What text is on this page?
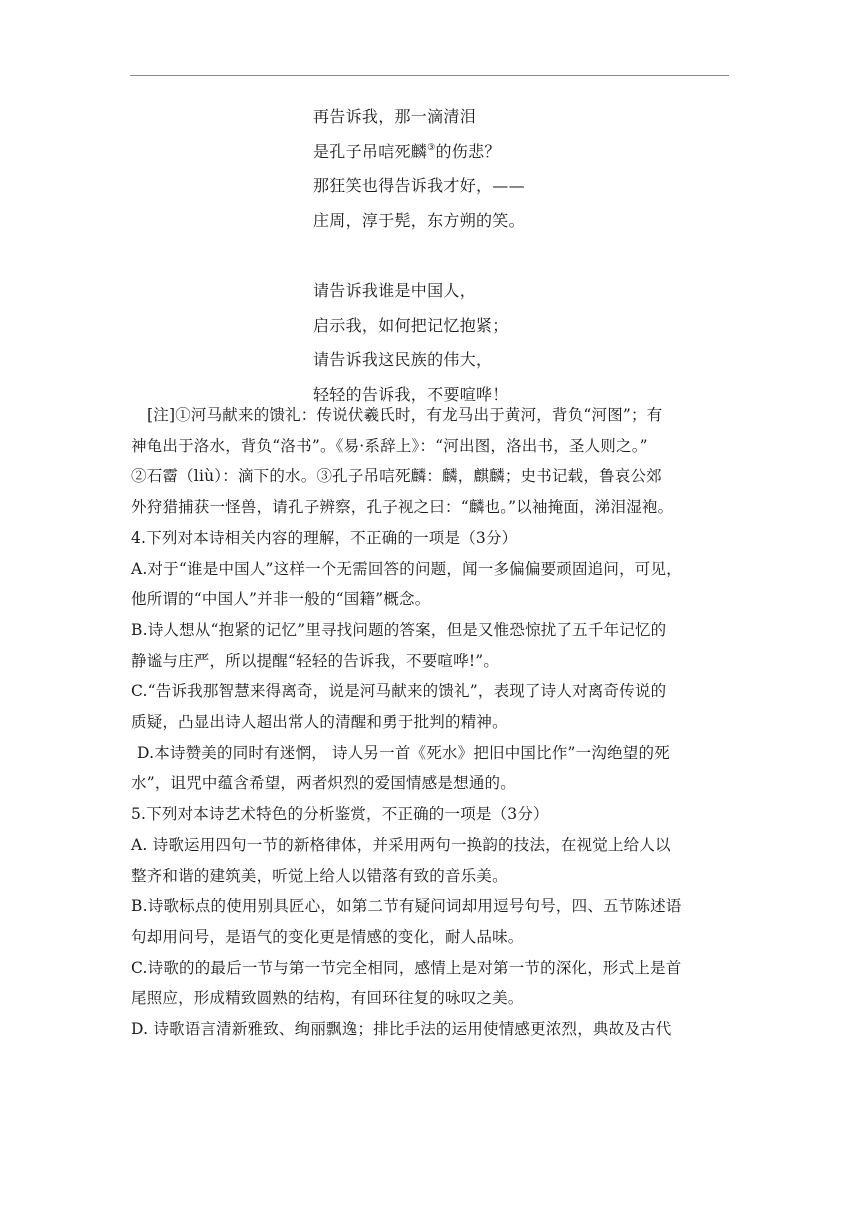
再告诉我，那一滴清泪
是孔子吊唁死麟③的伤悲？
那狂笑也得告诉我才好，——
庄周，淳于髡，东方朔的笑。
请告诉我谁是中国人，
启示我，如何把记忆抱紧；
请告诉我这民族的伟大，
轻轻的告诉我，不要喧哗！
[注]①河马献来的馈礼：传说伏羲氏时，有龙马出于黄河，背负“河图”；有
神龟出于洛水，背负“洛书”。《易·系辞上》：“河出图，洛出书，圣人则之。”
②石霤（liù）：滴下的水。③孔子吊唁死麟：麟，麒麟；史书记载，鲁哀公郊
外狩猎捕获一怪兽，请孔子辨察，孔子视之曰：“麟也。”以袖掩面，涕泪湿袍。
4.下列对本诗相关内容的理解，不正确的一项是（3分）
A.对于“谁是中国人”这样一个无需回答的问题，闻一多偏偏要顽固追问，可见，
他所谓的“中国人”并非一般的“国籍”概念。
B.诗人想从“抱紧的记忆”里寻找问题的答案，但是又惟恐惊扰了五千年记忆的
静谧与庄严，所以提醒“轻轻的告诉我，不要喧哗!”。
C.“告诉我那智慧来得离奇，说是河马献来的馈礼”，表现了诗人对离奇传说的
质疑，凸显出诗人超出常人的清醒和勇于批判的精神。
D.本诗赞美的同时有迷惘， 诗人另一首《死水》把旧中国比作”一沟绝望的死
水”，诅咒中蕴含希望，两者炽烈的爱国情感是想通的。
5.下列对本诗艺术特色的分析鉴赏，不正确的一项是（3分）
A. 诗歌运用四句一节的新格律体，并采用两句一换韵的技法，在视觉上给人以
整齐和谐的建筑美，听觉上给人以错落有致的音乐美。
B.诗歌标点的使用别具匠心，如第二节有疑问词却用逗号句号，四、五节陈述语
句却用问号，是语气的变化更是情感的变化，耐人品味。
C.诗歌的的最后一节与第一节完全相同，感情上是对第一节的深化，形式上是首
尾照应，形成精致圆熟的结构，有回环往复的咏叹之美。
D. 诗歌语言清新雅致、绚丽飘逸；排比手法的运用使情感更浓烈，典故及古代
